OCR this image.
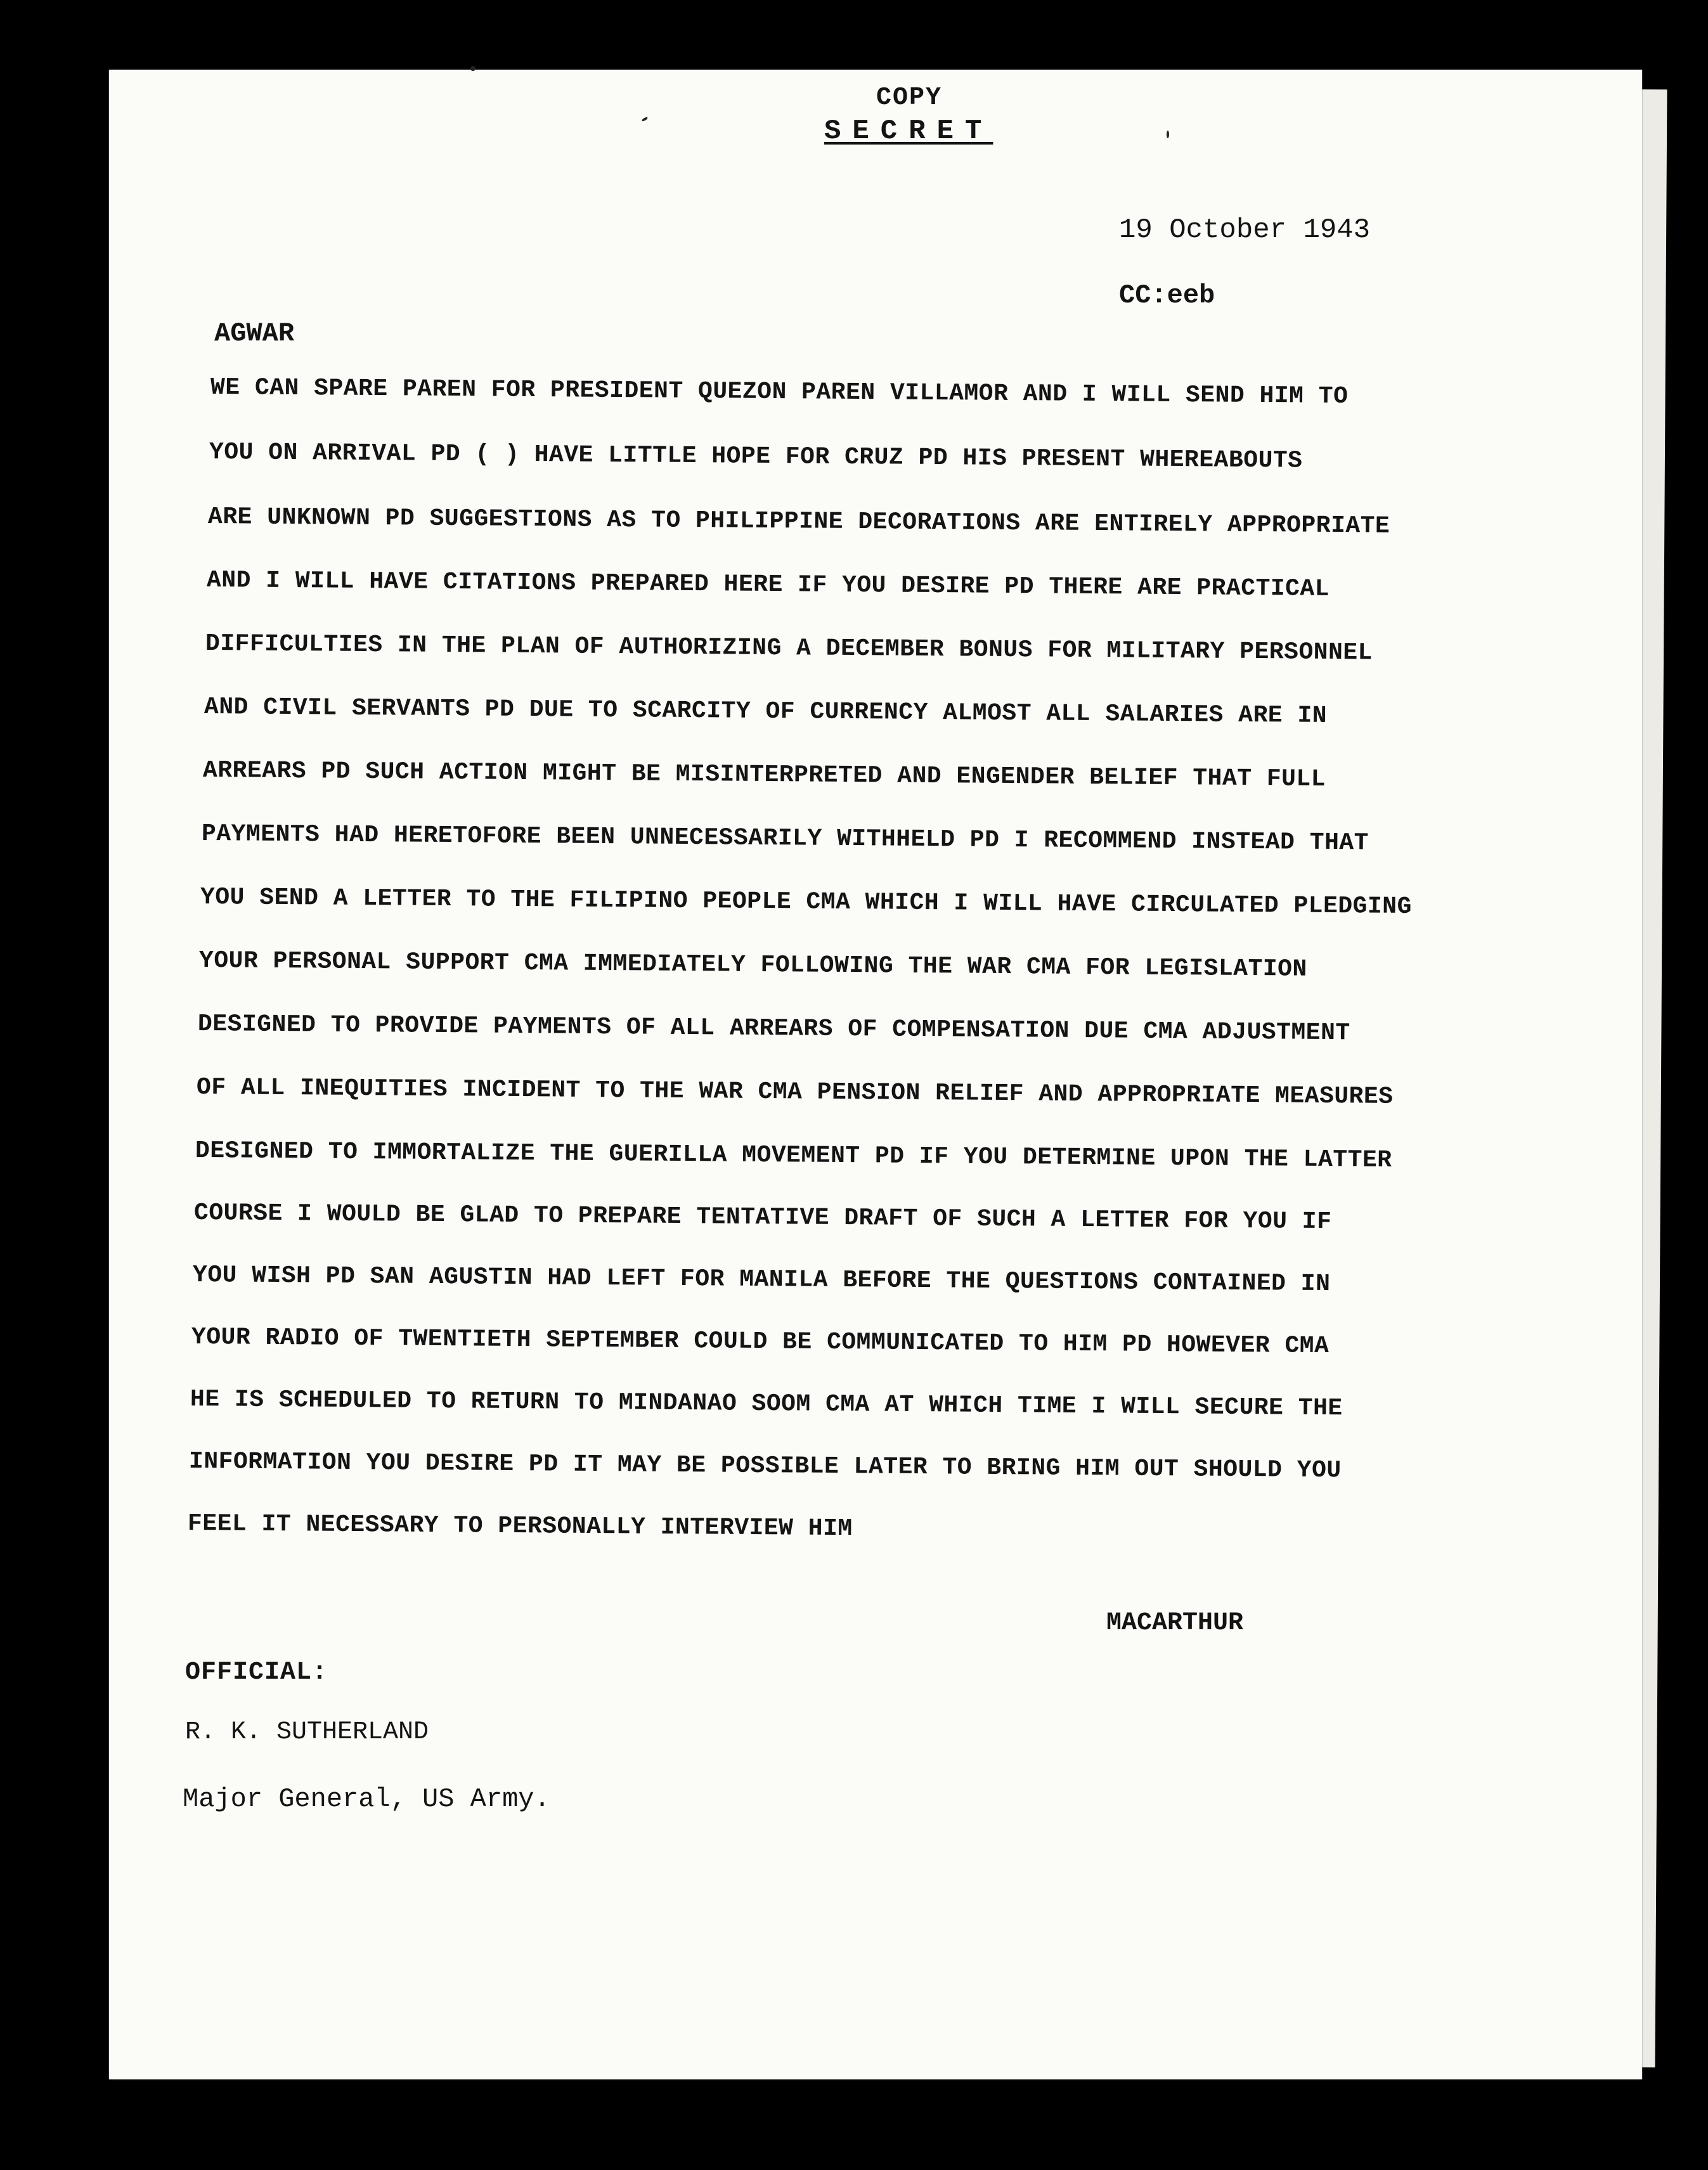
COPY
SECRET
19 October 1943
CC:eeb
AGWAR
WE CAN SPARE PAREN FOR PRESIDENT QUEZON PAREN VILLAMOR AND I WILL SEND HIM TO
YOU ON ARRIVAL PD ( ) HAVE LITTLE HOPE FOR CRUZ PD HIS PRESENT WHEREABOUTS
ARE UNKNOWN PD SUGGESTIONS AS TO PHILIPPINE DECORATIONS ARE ENTIRELY APPROPRIATE
AND I WILL HAVE CITATIONS PREPARED HERE IF YOU DESIRE PD THERE ARE PRACTICAL
DIFFICULTIES IN THE PLAN OF AUTHORIZING A DECEMBER BONUS FOR MILITARY PERSONNEL
AND CIVIL SERVANTS PD DUE TO SCARCITY OF CURRENCY ALMOST ALL SALARIES ARE IN
ARREARS PD SUCH ACTION MIGHT BE MISINTERPRETED AND ENGENDER BELIEF THAT FULL
PAYMENTS HAD HERETOFORE BEEN UNNECESSARILY WITHHELD PD I RECOMMEND INSTEAD THAT
YOU SEND A LETTER TO THE FILIPINO PEOPLE CMA WHICH I WILL HAVE CIRCULATED PLEDGING
YOUR PERSONAL SUPPORT CMA IMMEDIATELY FOLLOWING THE WAR CMA FOR LEGISLATION
DESIGNED TO PROVIDE PAYMENTS OF ALL ARREARS OF COMPENSATION DUE CMA ADJUSTMENT
OF ALL INEQUITIES INCIDENT TO THE WAR CMA PENSION RELIEF AND APPROPRIATE MEASURES
DESIGNED TO IMMORTALIZE THE GUERILLA MOVEMENT PD IF YOU DETERMINE UPON THE LATTER
COURSE I WOULD BE GLAD TO PREPARE TENTATIVE DRAFT OF SUCH A LETTER FOR YOU IF
YOU WISH PD SAN AGUSTIN HAD LEFT FOR MANILA BEFORE THE QUESTIONS CONTAINED IN
YOUR RADIO OF TWENTIETH SEPTEMBER COULD BE COMMUNICATED TO HIM PD HOWEVER CMA
HE IS SCHEDULED TO RETURN TO MINDANAO SOOM CMA AT WHICH TIME I WILL SECURE THE
INFORMATION YOU DESIRE PD IT MAY BE POSSIBLE LATER TO BRING HIM OUT SHOULD YOU
FEEL IT NECESSARY TO PERSONALLY INTERVIEW HIM
MACARTHUR
OFFICIAL:
R. K. SUTHERLAND
Major General, US Army.
